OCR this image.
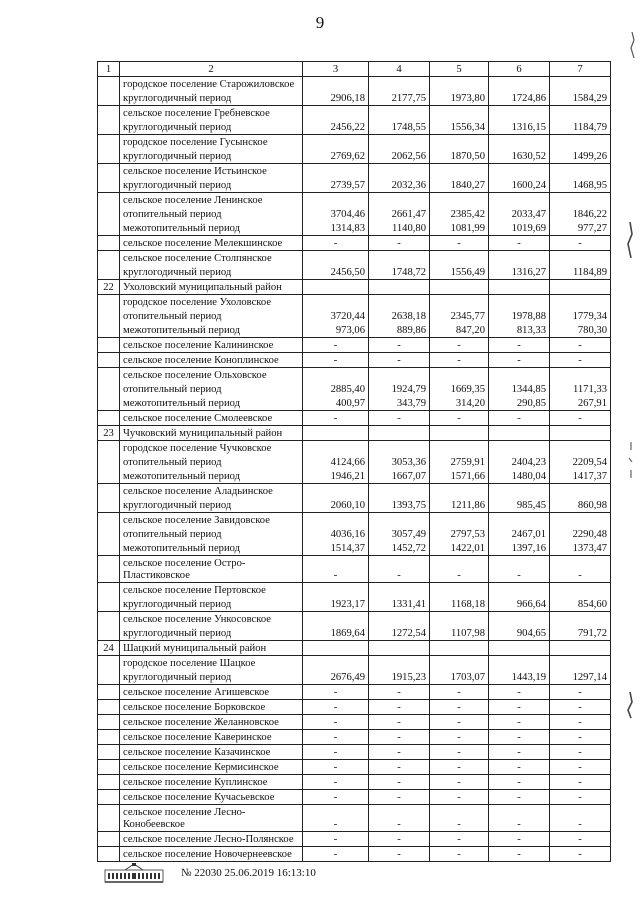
9
1	2	3	4	5	6	7
	городское поселение Старожиловское					
	круглогодичный период	2906,18	2177,75	1973,80	1724,86	1584,29
	сельское поселение Гребневское					
	круглогодичный период	2456,22	1748,55	1556,34	1316,15	1184,79
	городское поселение Гусынское					
	круглогодичный период	2769,62	2062,56	1870,50	1630,52	1499,26
	сельское поселение Истьинское					
	круглогодичный период	2739,57	2032,36	1840,27	1600,24	1468,95
	сельское поселение Ленинское					
	отопительный период	3704,46	2661,47	2385,42	2033,47	1846,22
	межотопительный период	1314,83	1140,80	1081,99	1019,69	977,27
	сельское поселение Мелекшинское	-	-	-	-	-
	сельское поселение Столпянское					
	круглогодичный период	2456,50	1748,72	1556,49	1316,27	1184,89
22	Ухоловский муниципальный район					
	городское поселение Ухоловское					
	отопительный период	3720,44	2638,18	2345,77	1978,88	1779,34
	межотопительный период	973,06	889,86	847,20	813,33	780,30
	сельское поселение Калининское	-	-	-	-	-
	сельское поселение Коноплинское	-	-	-	-	-
	сельское поселение Ольховское					
	отопительный период	2885,40	1924,79	1669,35	1344,85	1171,33
	межотопительный период	400,97	343,79	314,20	290,85	267,91
	сельское поселение Смолеевское	-	-	-	-	-
23	Чучковский муниципальный район					
	городское поселение Чучковское					
	отопительный период	4124,66	3053,36	2759,91	2404,23	2209,54
	межотопительный период	1946,21	1667,07	1571,66	1480,04	1417,37
	сельское поселение Аладьинское					
	круглогодичный период	2060,10	1393,75	1211,86	985,45	860,98
	сельское поселение Завидовское					
	отопительный период	4036,16	3057,49	2797,53	2467,01	2290,48
	межотопительный период	1514,37	1452,72	1422,01	1397,16	1373,47
	сельское поселение Остро-Пластиковское	-	-	-	-	-
	сельское поселение Пертовское					
	круглогодичный период	1923,17	1331,41	1168,18	966,64	854,60
	сельское поселение Ункосовское					
	круглогодичный период	1869,64	1272,54	1107,98	904,65	791,72
24	Шацкий муниципальный район					
	городское поселение Шацкое					
	круглогодичный период	2676,49	1915,23	1703,07	1443,19	1297,14
	сельское поселение Агишевское	-	-	-	-	-
	сельское поселение Борковское	-	-	-	-	-
	сельское поселение Желанновское	-	-	-	-	-
	сельское поселение Каверинское	-	-	-	-	-
	сельское поселение Казачинское	-	-	-	-	-
	сельское поселение Кермисинское	-	-	-	-	-
	сельское поселение Куплинское	-	-	-	-	-
	сельское поселение Кучасьевское	-	-	-	-	-
	сельское поселение Лесно-Конобеевское	-	-	-	-	-
	сельское поселение Лесно-Полянское	-	-	-	-	-
	сельское поселение Новочернеевское	-	-	-	-	-
№ 22030 25.06.2019 16:13:10
